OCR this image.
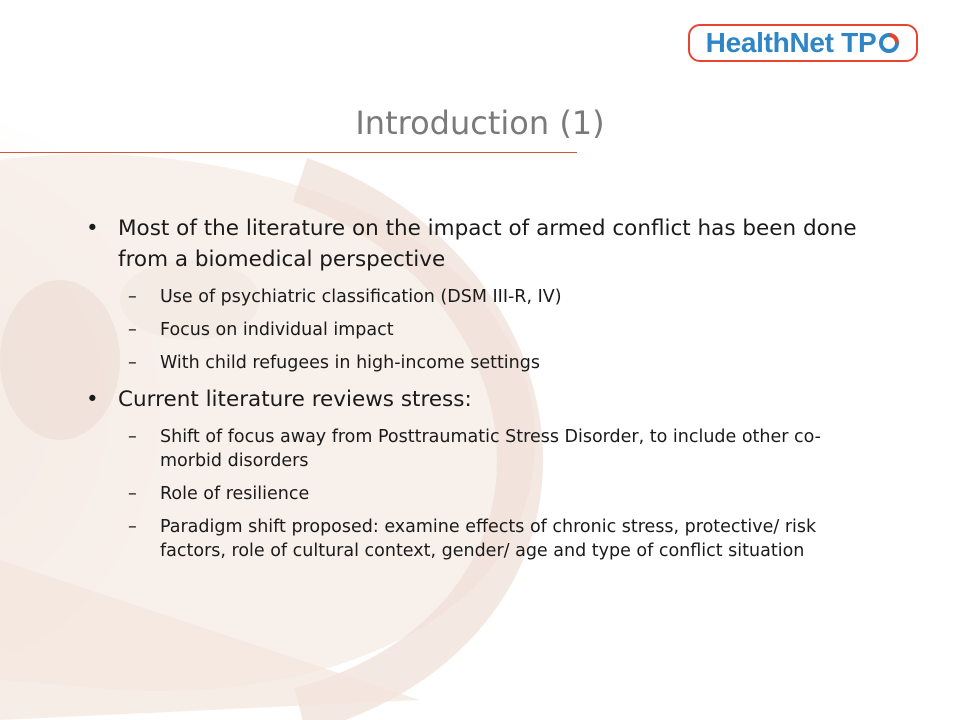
HealthNet TP
Introduction (1)
• Most of the literature on the impact of armed conflict has been done from a biomedical perspective
– Use of psychiatric classification (DSM III-R, IV)
– Focus on individual impact
– With child refugees in high-income settings
• Current literature reviews stress:
– Shift of focus away from Posttraumatic Stress Disorder, to include other co-morbid disorders
– Role of resilience
– Paradigm shift proposed: examine effects of chronic stress, protective/ risk factors, role of cultural context, gender/ age and type of conflict situation
